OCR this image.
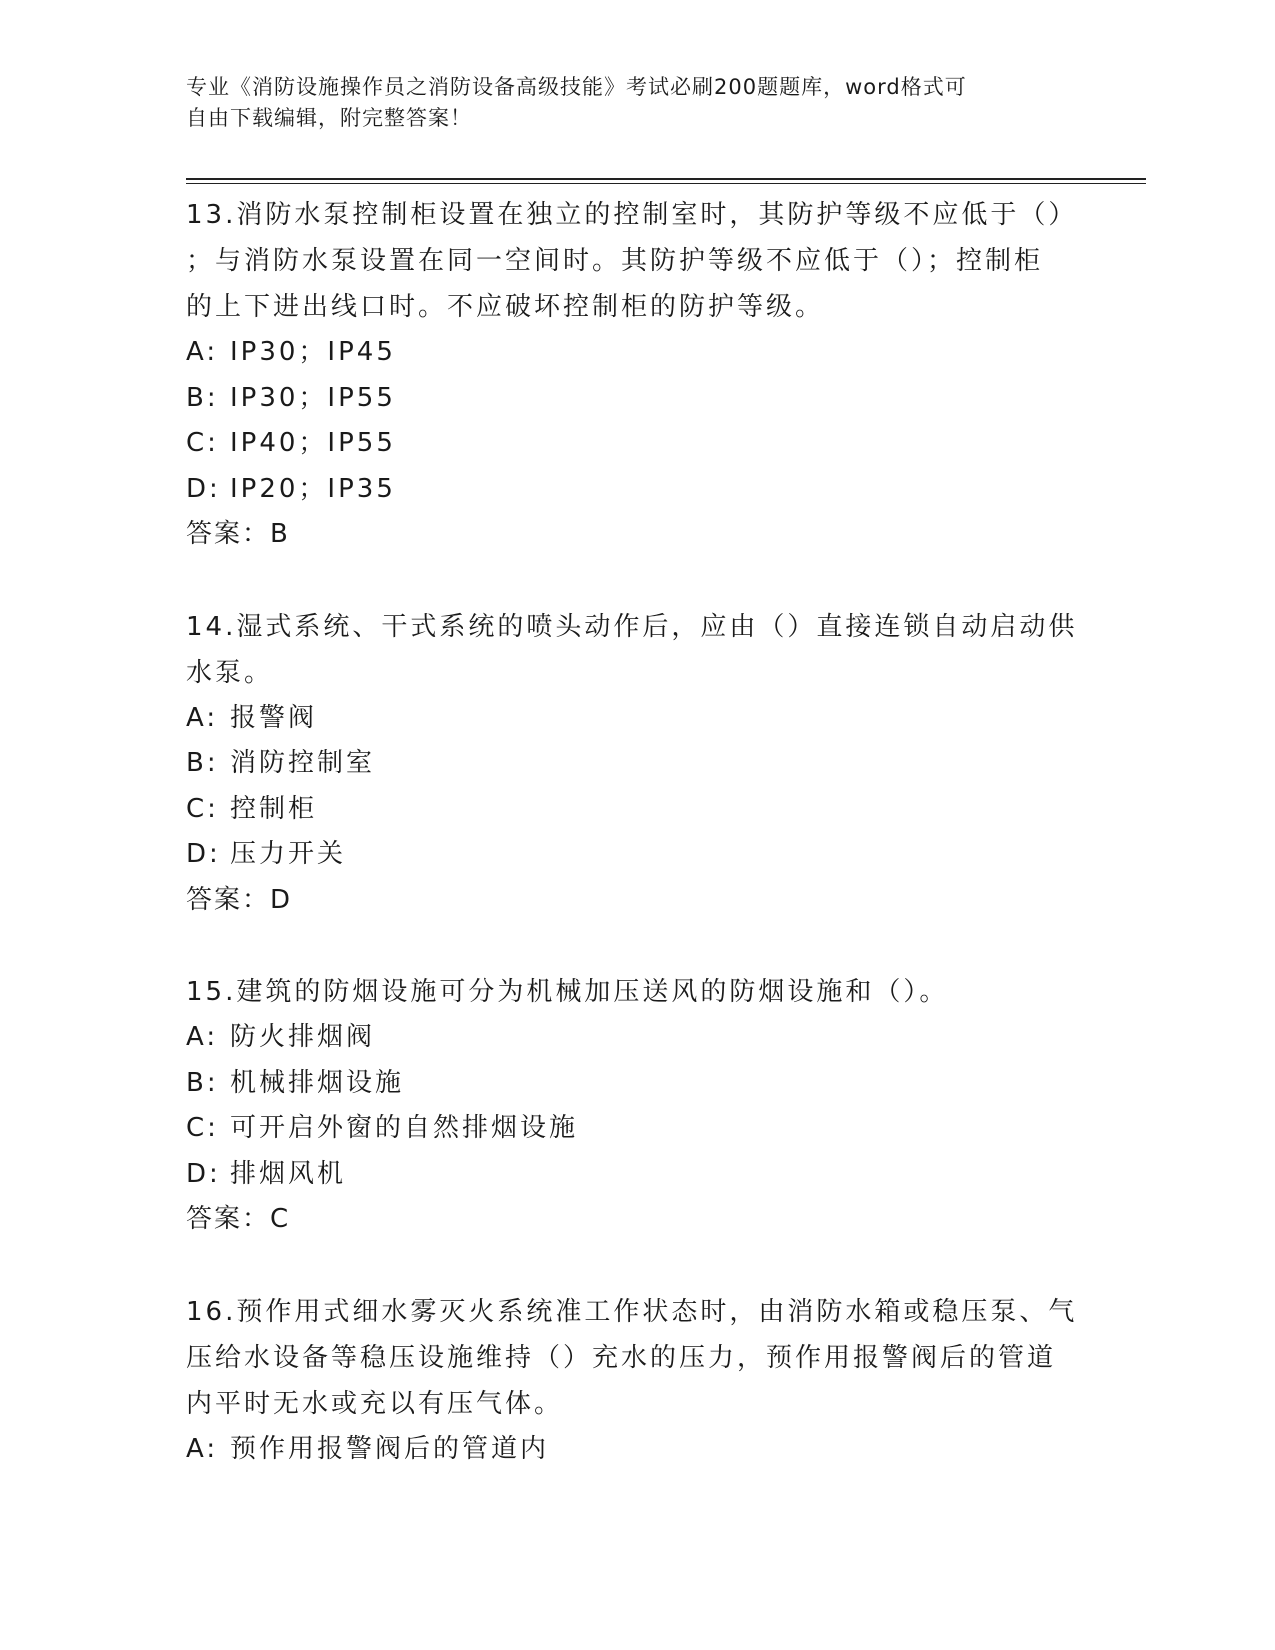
专业《消防设施操作员之消防设备高级技能》考试必刷200题题库，word格式可
自由下载编辑，附完整答案！
13.消防水泵控制柜设置在独立的控制室时，其防护等级不应低于（）
；与消防水泵设置在同一空间时。其防护等级不应低于（）；控制柜
的上下进出线口时。不应破坏控制柜的防护等级。
A: IP30；IP45
B: IP30；IP55
C: IP40；IP55
D: IP20；IP35
答案：B
14.湿式系统、干式系统的喷头动作后，应由（）直接连锁自动启动供
水泵。
A: 报警阀
B: 消防控制室
C: 控制柜
D: 压力开关
答案：D
15.建筑的防烟设施可分为机械加压送风的防烟设施和（）。
A: 防火排烟阀
B: 机械排烟设施
C: 可开启外窗的自然排烟设施
D: 排烟风机
答案：C
16.预作用式细水雾灭火系统准工作状态时，由消防水箱或稳压泵、气
压给水设备等稳压设施维持（）充水的压力，预作用报警阀后的管道
内平时无水或充以有压气体。
A: 预作用报警阀后的管道内
